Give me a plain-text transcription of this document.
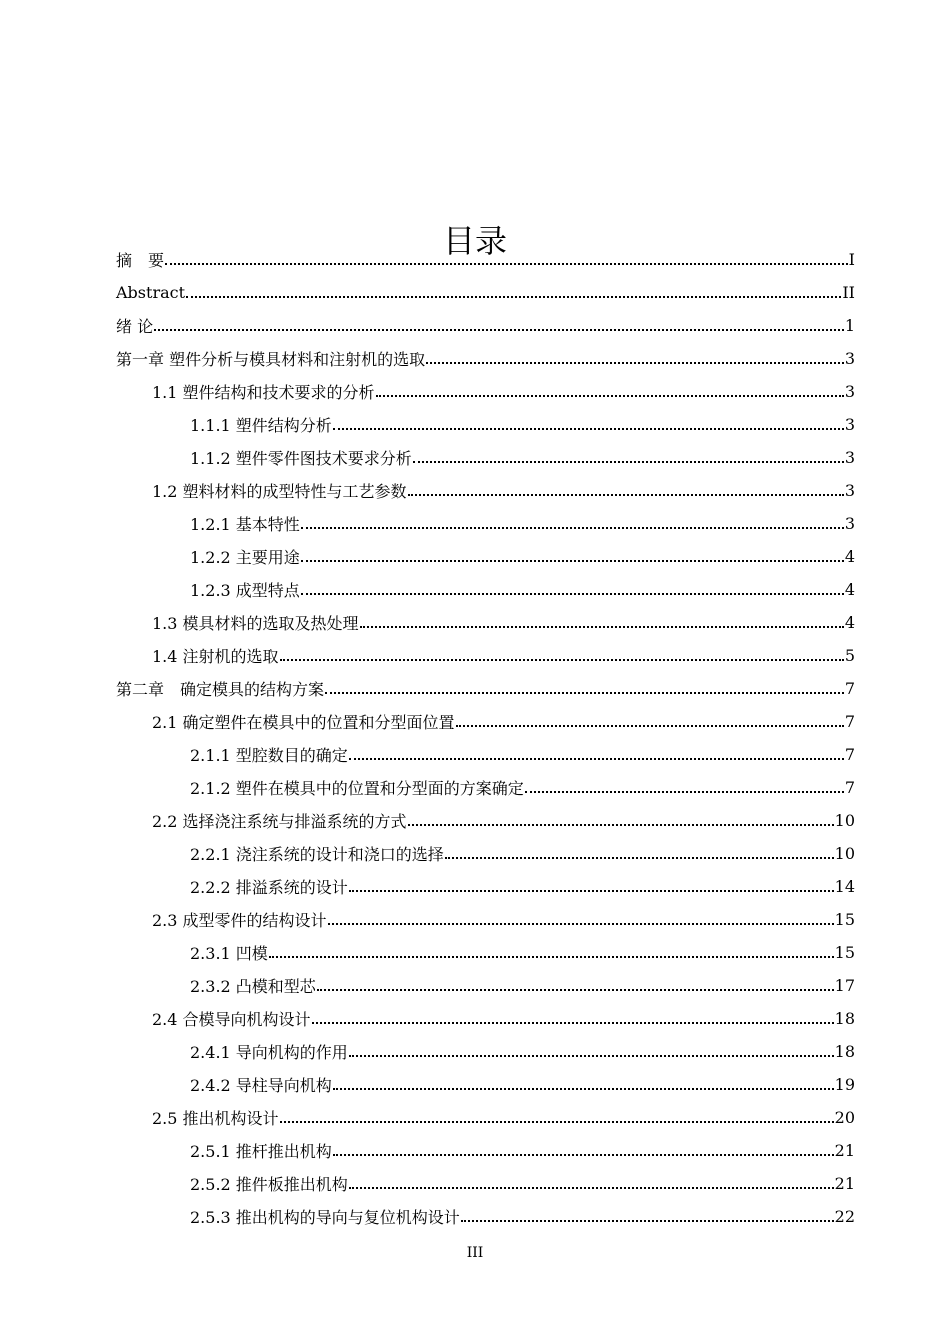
目录
摘　要	I
Abstract	II
绪 论	1
第一章 塑件分析与模具材料和注射机的选取	3
1.1 塑件结构和技术要求的分析	3
1.1.1 塑件结构分析	3
1.1.2 塑件零件图技术要求分析	3
1.2 塑料材料的成型特性与工艺参数	3
1.2.1 基本特性	3
1.2.2 主要用途	4
1.2.3 成型特点	4
1.3 模具材料的选取及热处理	4
1.4 注射机的选取	5
第二章　确定模具的结构方案	7
2.1 确定塑件在模具中的位置和分型面位置	7
2.1.1 型腔数目的确定	7
2.1.2 塑件在模具中的位置和分型面的方案确定	7
2.2 选择浇注系统与排溢系统的方式	10
2.2.1 浇注系统的设计和浇口的选择	10
2.2.2 排溢系统的设计	14
2.3 成型零件的结构设计	15
2.3.1 凹模	15
2.3.2 凸模和型芯	17
2.4 合模导向机构设计	18
2.4.1 导向机构的作用	18
2.4.2 导柱导向机构	19
2.5 推出机构设计	20
2.5.1 推杆推出机构	21
2.5.2 推件板推出机构	21
2.5.3 推出机构的导向与复位机构设计	22
III
